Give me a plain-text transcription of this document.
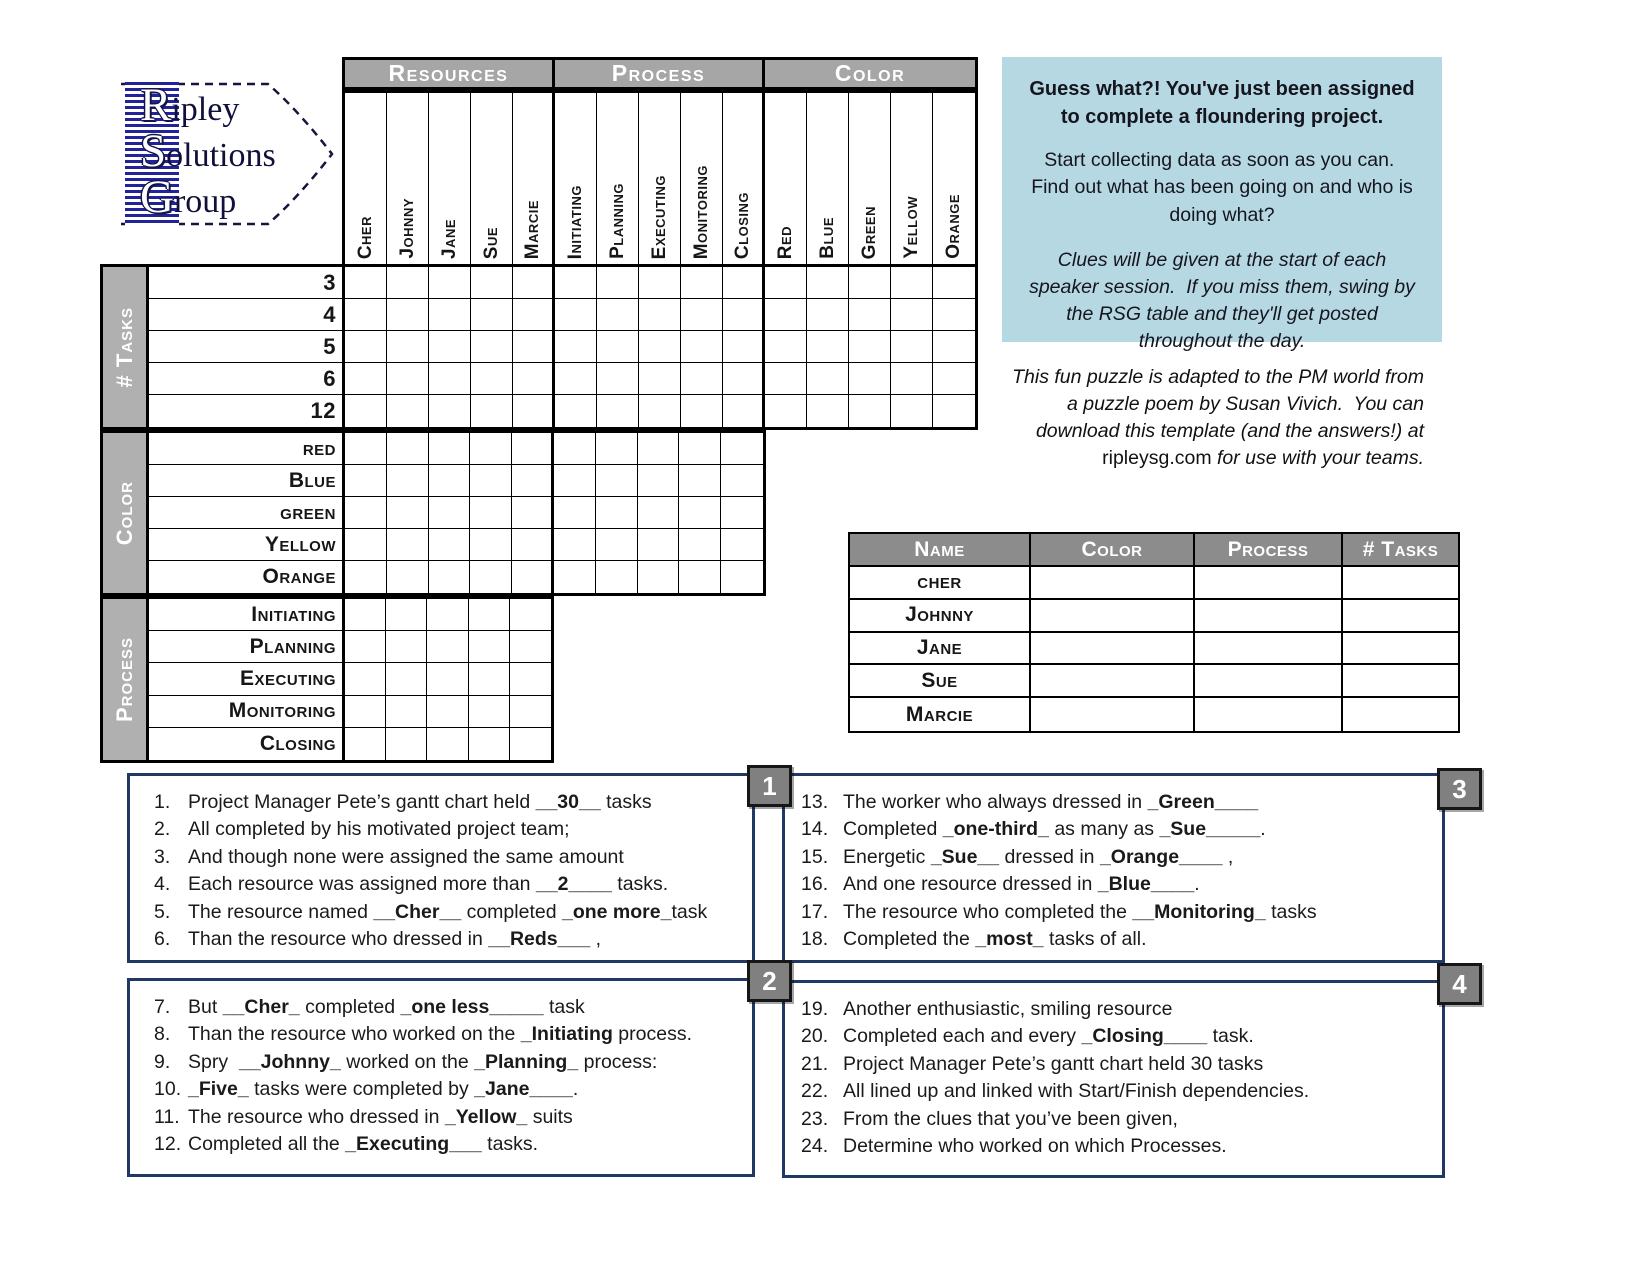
Ripley
Solutions
Group
Resources	Process	Color
Cher Johnny Jane Sue Marcie Initiating Planning Executing Monitoring Closing Red Blue Green Yellow Orange
3
4
5
6
12
red
Blue
green
Yellow
Orange
Initiating
Planning
Executing
Monitoring
Closing
# Tasks
Color
Process
Guess what?! You've just been assigned to complete a floundering project.
Start collecting data as soon as you can.  Find out what has been going on and who is doing what?
Clues will be given at the start of each speaker session.  If you miss them, swing by the RSG table and they'll get posted throughout the day.
This fun puzzle is adapted to the PM world from a puzzle poem by Susan Vivich.  You can download this template (and the answers!) at ripleysg.com for use with your teams.
Name	Color	Process	# Tasks
cher
Johnny
Jane
Sue
Marcie
1. Project Manager Pete’s gantt chart held __30__ tasks
2. All completed by his motivated project team;
3. And though none were assigned the same amount
4. Each resource was assigned more than __2____ tasks.
5. The resource named __Cher__ completed _one more_task
6. Than the resource who dressed in __Reds___ ,
7. But __Cher_ completed _one less_____ task
8. Than the resource who worked on the _Initiating process.
9. Spry  __Johnny_ worked on the _Planning_ process:
10. _Five_ tasks were completed by _Jane____.
11. The resource who dressed in _Yellow_ suits
12. Completed all the _Executing___ tasks.
13. The worker who always dressed in _Green____
14. Completed _one-third_ as many as _Sue_____.
15. Energetic _Sue__ dressed in _Orange____ ,
16. And one resource dressed in _Blue____.
17. The resource who completed the __Monitoring_ tasks
18. Completed the _most_ tasks of all.
19. Another enthusiastic, smiling resource
20. Completed each and every _Closing____ task.
21. Project Manager Pete’s gantt chart held 30 tasks
22. All lined up and linked with Start/Finish dependencies.
23. From the clues that you’ve been given,
24. Determine who worked on which Processes.
1
2
3
4
